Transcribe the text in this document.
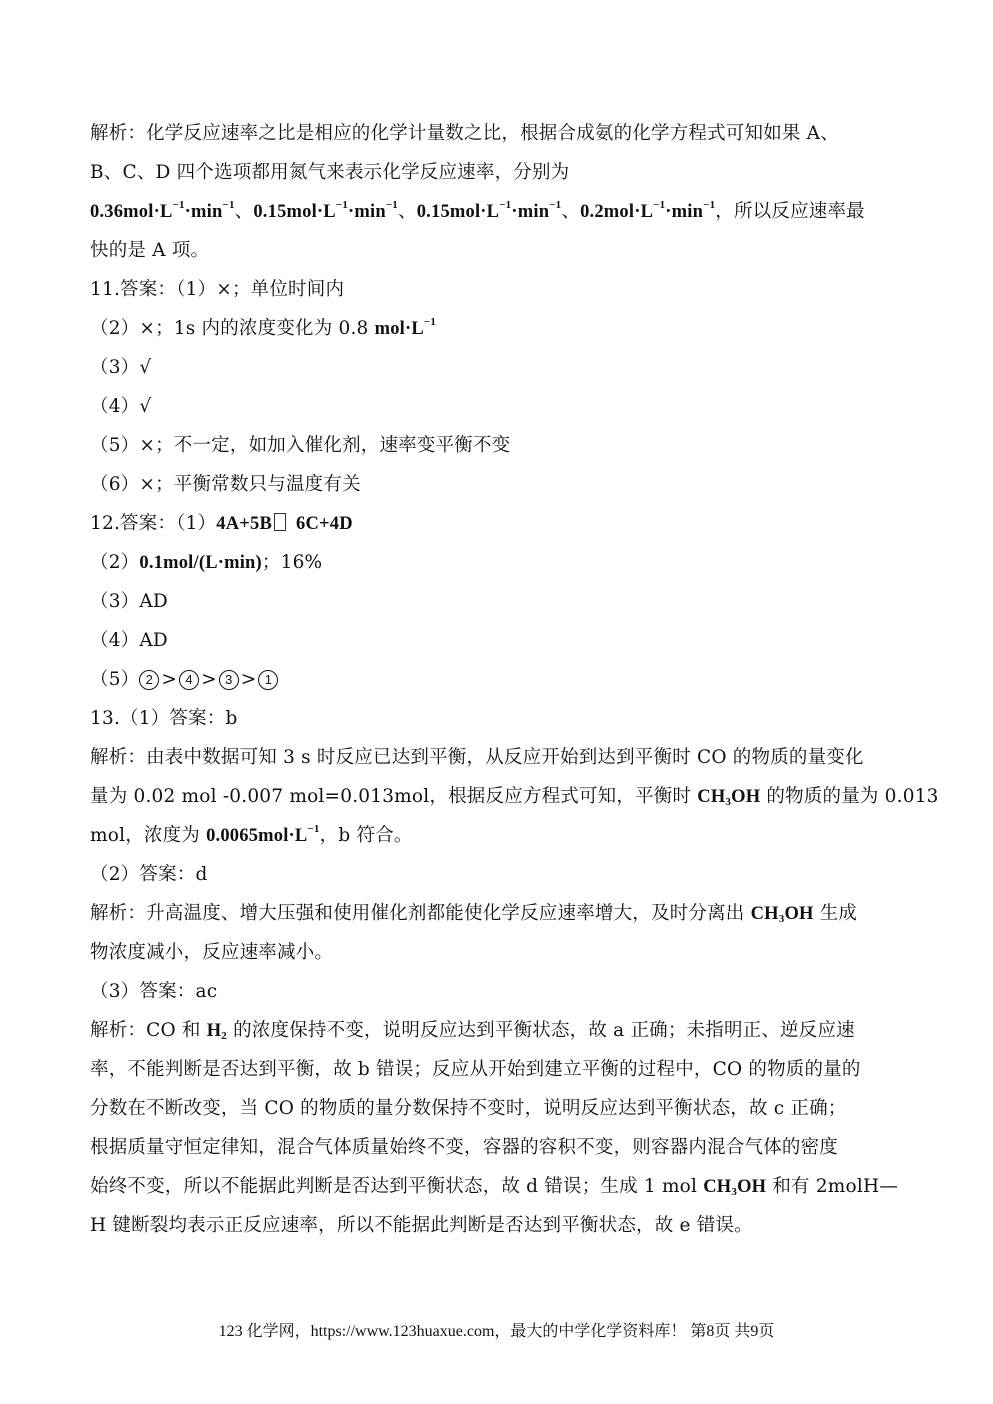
解析：化学反应速率之比是相应的化学计量数之比，根据合成氨的化学方程式可知如果 A、
B、C、D 四个选项都用氮气来表示化学反应速率，分别为
$0.36mol\cdot L^{-1}\cdot\min^{-1}$、$0.15mol\cdot L^{-1}\cdot\min^{-1}$、$0.15mol\cdot L^{-1}\cdot\min^{-1}$、$0.2mol\cdot L^{-1}\cdot\min^{-1}$，所以反应速率最
快的是 A 项。
11.答案：（1）×；单位时间内
（2）×；1s 内的浓度变化为 0.8 $mol\cdot L^{-1}$
（3）√
（4）√
（5）×；不一定，如加入催化剂，速率变平衡不变
（6）×；平衡常数只与温度有关
12.答案：（1）4A+5B 6C+4D
（2）0.1mol/(L·min)；16%
（3）AD
（4）AD
（5） 2 > 4 > 3 > 1
13.（1）答案：b
解析：由表中数据可知 3 s 时反应已达到平衡，从反应开始到达到平衡时 CO 的物质的量变化
量为 0.02 mol -0.007 mol=0.013mol，根据反应方程式可知，平衡时 $CH_3OH$ 的物质的量为 0.013
mol，浓度为 $0.0065mol\cdot L^{-1}$，b 符合。
（2）答案：d
解析：升高温度、增大压强和使用催化剂都能使化学反应速率增大，及时分离出 $CH_3OH$ 生成
物浓度减小，反应速率减小。
（3）答案：ac
解析：CO 和 $H_2$ 的浓度保持不变，说明反应达到平衡状态，故 a 正确；未指明正、逆反应速
率，不能判断是否达到平衡，故 b 错误；反应从开始到建立平衡的过程中，CO 的物质的量的
分数在不断改变，当 CO 的物质的量分数保持不变时，说明反应达到平衡状态，故 c 正确；
根据质量守恒定律知，混合气体质量始终不变，容器的容积不变，则容器内混合气体的密度
始终不变，所以不能据此判断是否达到平衡状态，故 d 错误；生成 1 mol $CH_3OH$ 和有 2molH—
H 键断裂均表示正反应速率，所以不能据此判断是否达到平衡状态，故 e 错误。
123 化学网，https://www.123huaxue.com，最大的中学化学资料库！ 第8页 共9页
